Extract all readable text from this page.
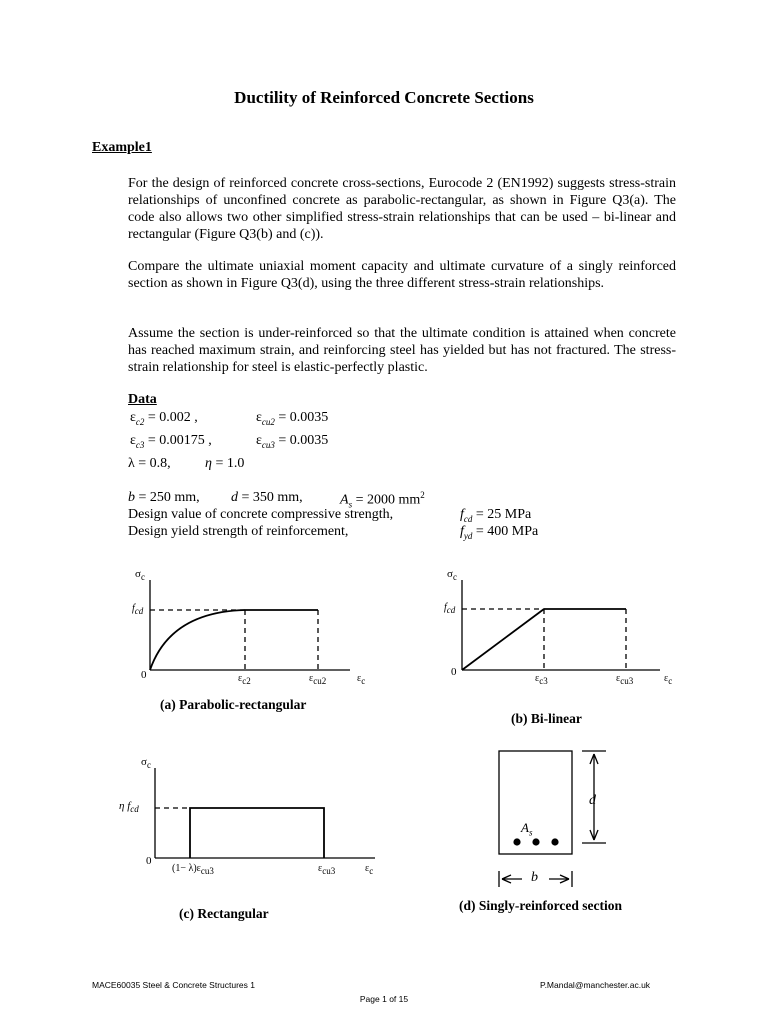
Ductility of Reinforced Concrete Sections
Example1
For the design of reinforced concrete cross-sections, Eurocode 2 (EN1992) suggests stress-strain relationships of unconfined concrete as parabolic-rectangular, as shown in Figure Q3(a). The code also allows two other simplified stress-strain relationships that can be used – bi-linear and rectangular (Figure Q3(b) and (c)).
Compare the ultimate uniaxial moment capacity and ultimate curvature of a singly reinforced section as shown in Figure Q3(d), using the three different stress-strain relationships.
Assume the section is under-reinforced so that the ultimate condition is attained when concrete has reached maximum strain, and reinforcing steel has yielded but has not fractured. The stress-strain relationship for steel is elastic-perfectly plastic.
Data
$\varepsilon_{c2} = 0.002$ ,	$\varepsilon_{cu2} = 0.0035$
$\varepsilon_{c3} = 0.00175$ ,	$\varepsilon_{cu3} = 0.0035$
λ = 0.8, η = 1.0
b = 250 mm, d = 350 mm,	$A_s = 2000$ $mm^2$
Design value of concrete compressive strength,	$f_{cd} = 25$ MPa
Design yield strength of reinforcement,	$f_{yd} = 400$ MPa
$\sigma_c$
$f_{cd}$
0	$\varepsilon_{c2}$	$\varepsilon_{cu2}$	$\varepsilon_c$
(a) Parabolic-rectangular
$\sigma_c$
$f_{cd}$
0
$\varepsilon_{c3}$	$\varepsilon_{cu3}$	$\varepsilon_c$
(b) Bi-linear
$\sigma_c$
η $f_{cd}$
0
$(1- \lambda)\varepsilon_{cu3}$	$\varepsilon_{cu3}$	$\varepsilon_c$
(c) Rectangular
d
$A_s$
b
(d) Singly-reinforced section
MACE60035 Steel & Concrete Structures 1	P.Mandal@manchester.ac.uk
Page 1 of 15
